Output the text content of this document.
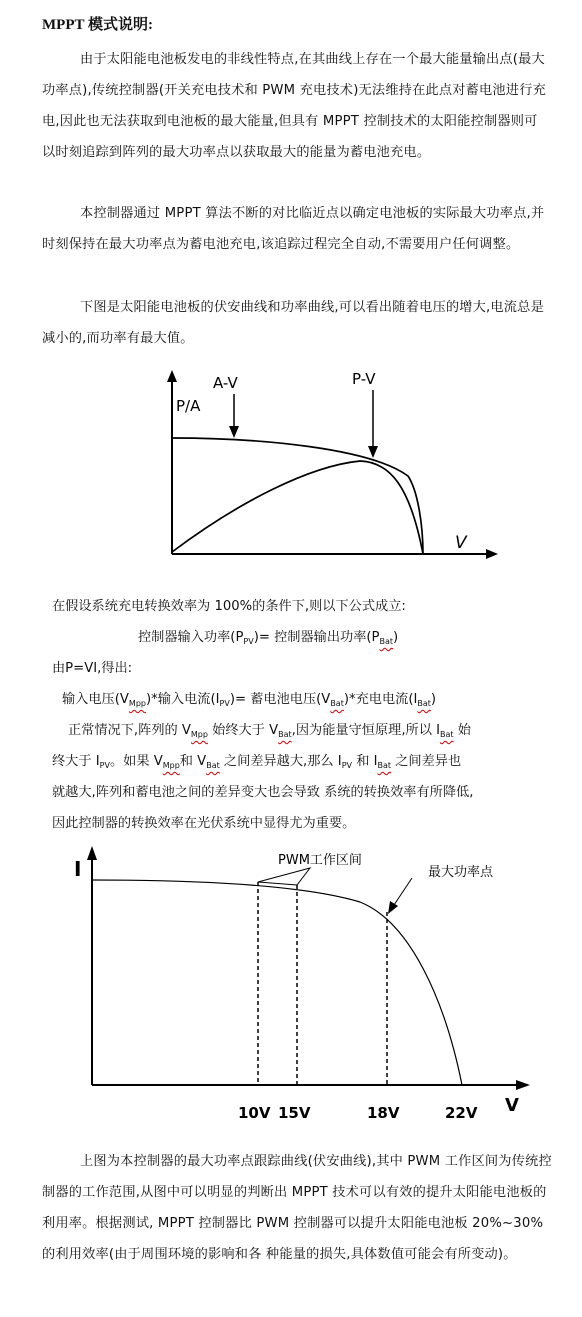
MPPT 模式说明:
由于太阳能电池板发电的非线性特点,在其曲线上存在一个最大能量输出点(最大功率点),传统控制器(开关充电技术和 PWM 充电技术)无法维持在此点对蓄电池进行充电,因此也无法获取到电池板的最大能量,但具有 MPPT 控制技术的太阳能控制器则可以时刻追踪到阵列的最大功率点以获取最大的能量为蓄电池充电。
本控制器通过 MPPT 算法不断的对比临近点以确定电池板的实际最大功率点,并时刻保持在最大功率点为蓄电池充电,该追踪过程完全自动,不需要用户任何调整。
下图是太阳能电池板的伏安曲线和功率曲线,可以看出随着电压的增大,电流总是减小的,而功率有最大值。
P/A
A-V	P-V
V
在假设系统充电转换效率为 100%的条件下,则以下公式成立:
控制器输入功率$(P_{PV})=$ 控制器输出功率$(P_{Bat})$
由P=VI,得出:
输入电压$(V_{Mpp})*$输入电流$(I_{PV})=$ 蓄电池电压$(V_{Bat})*$充电电流$(I_{Bat})$
正常情况下,阵列的 $V_{Mpp}$ 始终大于 $V_{Bat}$,因为能量守恒原理,所以 $I_{Bat}$ 始
终大于 $I_{PV}$。如果 $V_{Mpp}$和 $V_{Bat}$ 之间差异越大,那么 $I_{PV}$ 和 $I_{Bat}$ 之间差异也
就越大,阵列和蓄电池之间的差异变大也会导致 系统的转换效率有所降低,
因此控制器的转换效率在光伏系统中显得尤为重要。
I	PWM工作区间
最大功率点
10V 15V	18V	22V V
上图为本控制器的最大功率点跟踪曲线(伏安曲线),其中 PWM 工作区间为传统控制器的工作范围,从图中可以明显的判断出 MPPT 技术可以有效的提升太阳能电池板的利用率。根据测试, MPPT 控制器比 PWM 控制器可以提升太阳能电池板 20%~30%的利用效率(由于周围环境的影响和各 种能量的损失,具体数值可能会有所变动)。
